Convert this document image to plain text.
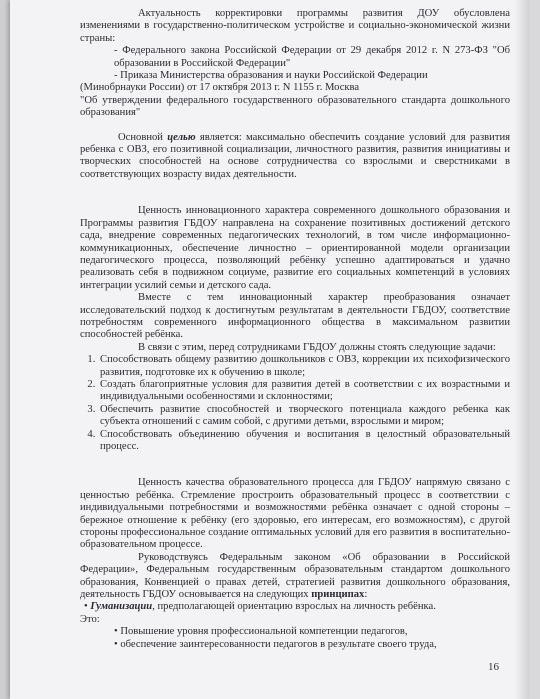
Актуальность корректировки программы развития ДОУ обусловлена изменениями в государственно-политическом устройстве и социально-экономической жизни страны:

- Федерального закона Российской Федерации от 29 декабря 2012 г. N 273-ФЗ "Об образовании в Российской Федерации"

- Приказа Министерства образования и науки Российской Федерации

(Минобрнауки России) от 17 октября 2013 г. N 1155 г. Москва

"Об утверждении федерального государственного образовательного стандарта дошкольного образования"

Основной целью является: максимально обеспечить создание условий для развития ребенка с ОВЗ, его позитивной социализации, личностного развития, развития инициативы и творческих способностей на основе сотрудничества со взрослыми и сверстниками в соответствующих возрасту видах деятельности.

Ценность инновационного характера современного дошкольного образования и Программы развития ГБДОУ направлена на сохранение позитивных достижений детского сада, внедрение современных педагогических технологий, в том числе информационно-коммуникационных, обеспечение личностно – ориентированной модели организации педагогического процесса, позволяющий ребёнку успешно адаптироваться и удачно реализовать себя в подвижном социуме, развитие его социальных компетенций в условиях интеграции усилий семьи и детского сада.

Вместе с тем инновационный характер преобразования означает исследовательский подход к достигнутым результатам в деятельности ГБДОУ, соответствие потребностям современного информационного общества в максимальном развитии способностей ребёнка.

В связи с этим, перед сотрудниками ГБДОУ должны стоять следующие задачи:

1. Способствовать общему развитию дошкольников с ОВЗ, коррекции их психофизического развития, подготовке их к обучению в школе;
2. Создать благоприятные условия для развития детей в соответствии с их возрастными и индивидуальными особенностями и склонностями;
3. Обеспечить развитие способностей и творческого потенциала каждого ребенка как субъекта отношений с самим собой, с другими детьми, взрослыми и миром;
4. Способствовать объединению обучения и воспитания в целостный образовательный процесс.

Ценность качества образовательного процесса для ГБДОУ напрямую связано с ценностью ребёнка. Стремление простроить образовательный процесс в соответствии с индивидуальными потребностями и возможностями ребёнка означает с одной стороны – бережное отношение к ребёнку (его здоровью, его интересам, его возможностям), с другой стороны профессиональное создание оптимальных условий для его развития в воспитательно-образовательном процессе.

Руководствуясь Федеральным законом «Об образовании в Российской Федерации», Федеральным государственным образовательным стандартом дошкольного образования, Конвенцией о правах детей, стратегией развития дошкольного образования, деятельность ГБДОУ основывается на следующих принципах:

• Гуманизации, предполагающей ориентацию взрослых на личность ребёнка.

Это:

• Повышение уровня профессиональной компетенции педагогов,
• обеспечение заинтересованности педагогов в результате своего труда,
16
